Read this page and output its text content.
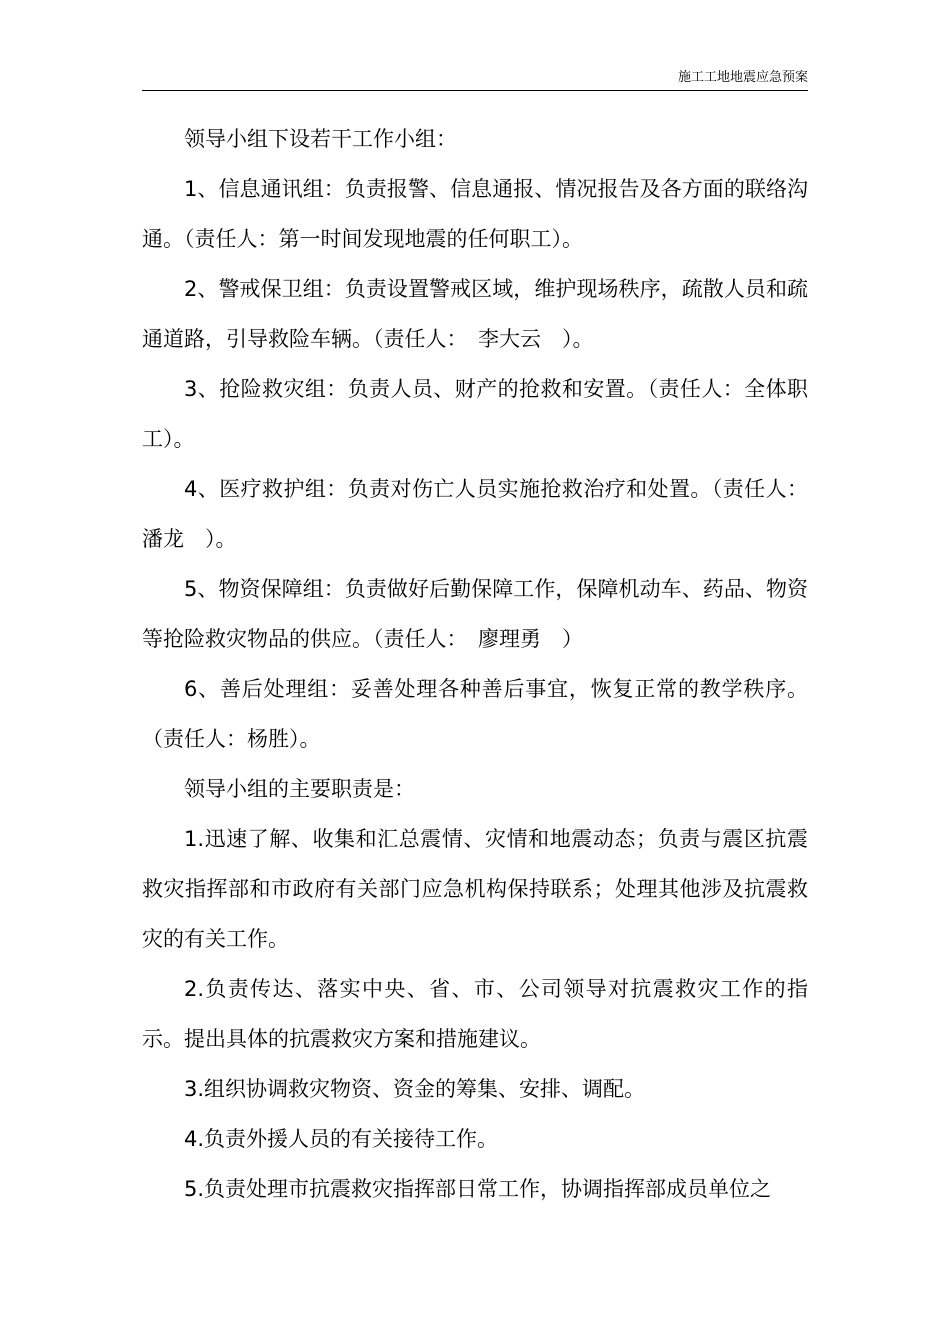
施工工地地震应急预案

领导小组下设若干工作小组：

1、信息通讯组：负责报警、信息通报、情况报告及各方面的联络沟通。（责任人：第一时间发现地震的任何职工）。

2、警戒保卫组：负责设置警戒区域，维护现场秩序，疏散人员和疏通道路，引导救险车辆。（责任人：　李大云　）。

3、抢险救灾组：负责人员、财产的抢救和安置。（责任人：全体职工）。

4、医疗救护组：负责对伤亡人员实施抢救治疗和处置。（责任人：潘龙　）。

5、物资保障组：负责做好后勤保障工作，保障机动车、药品、物资等抢险救灾物品的供应。（责任人：　廖理勇　）

6、善后处理组：妥善处理各种善后事宜，恢复正常的教学秩序。（责任人：杨胜）。

领导小组的主要职责是：

1.迅速了解、收集和汇总震情、灾情和地震动态；负责与震区抗震救灾指挥部和市政府有关部门应急机构保持联系；处理其他涉及抗震救灾的有关工作。

2.负责传达、落实中央、省、市、公司领导对抗震救灾工作的指示。提出具体的抗震救灾方案和措施建议。

3.组织协调救灾物资、资金的筹集、安排、调配。

4.负责外援人员的有关接待工作。

5.负责处理市抗震救灾指挥部日常工作，协调指挥部成员单位之
